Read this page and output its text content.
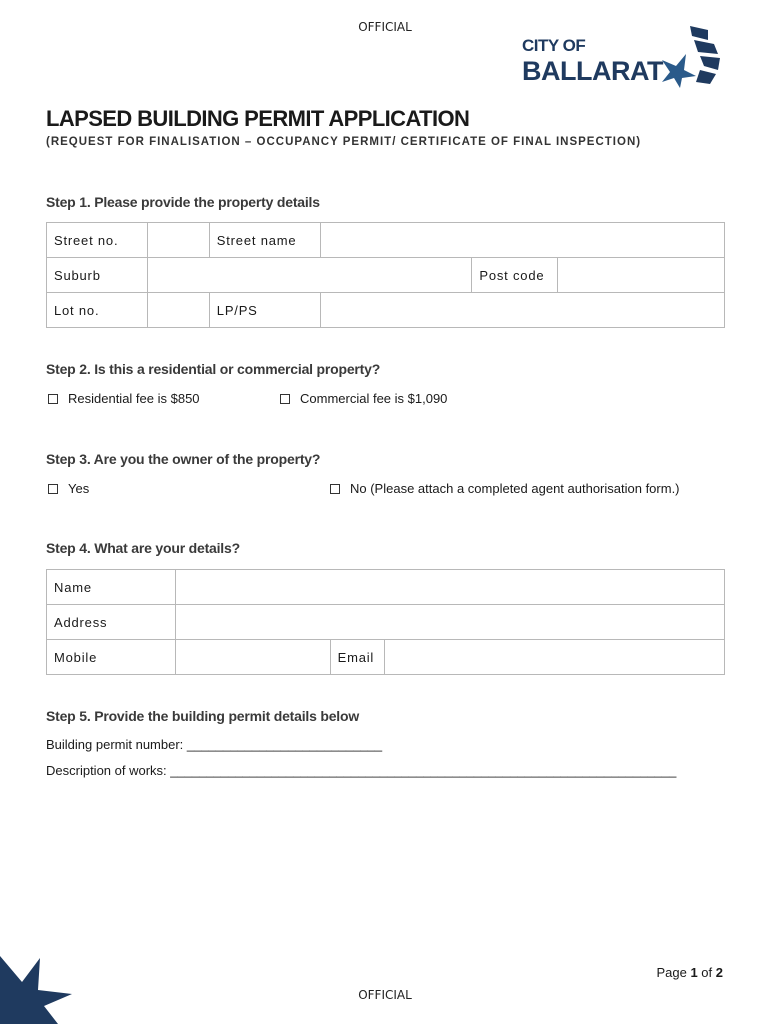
OFFICIAL
CITY OF
BALLARAT
LAPSED BUILDING PERMIT APPLICATION
(REQUEST FOR FINALISATION – OCCUPANCY PERMIT/ CERTIFICATE OF FINAL INSPECTION)
Step 1. Please provide the property details
Street no.		Street name			
Suburb				Post code	
Lot no.		LP/PS			
Step 2. Is this a residential or commercial property?
Residential fee is $850	Commercial fee is $1,090
Step 3. Are you the owner of the property?
Yes	No (Please attach a completed agent authorisation form.)
Step 4. What are your details?
Name			
Address			
Mobile		Email	
Step 5. Provide the building permit details below
Building permit number: ___________________________
Description of works: ______________________________________________________________________
Page 1 of 2
OFFICIAL
